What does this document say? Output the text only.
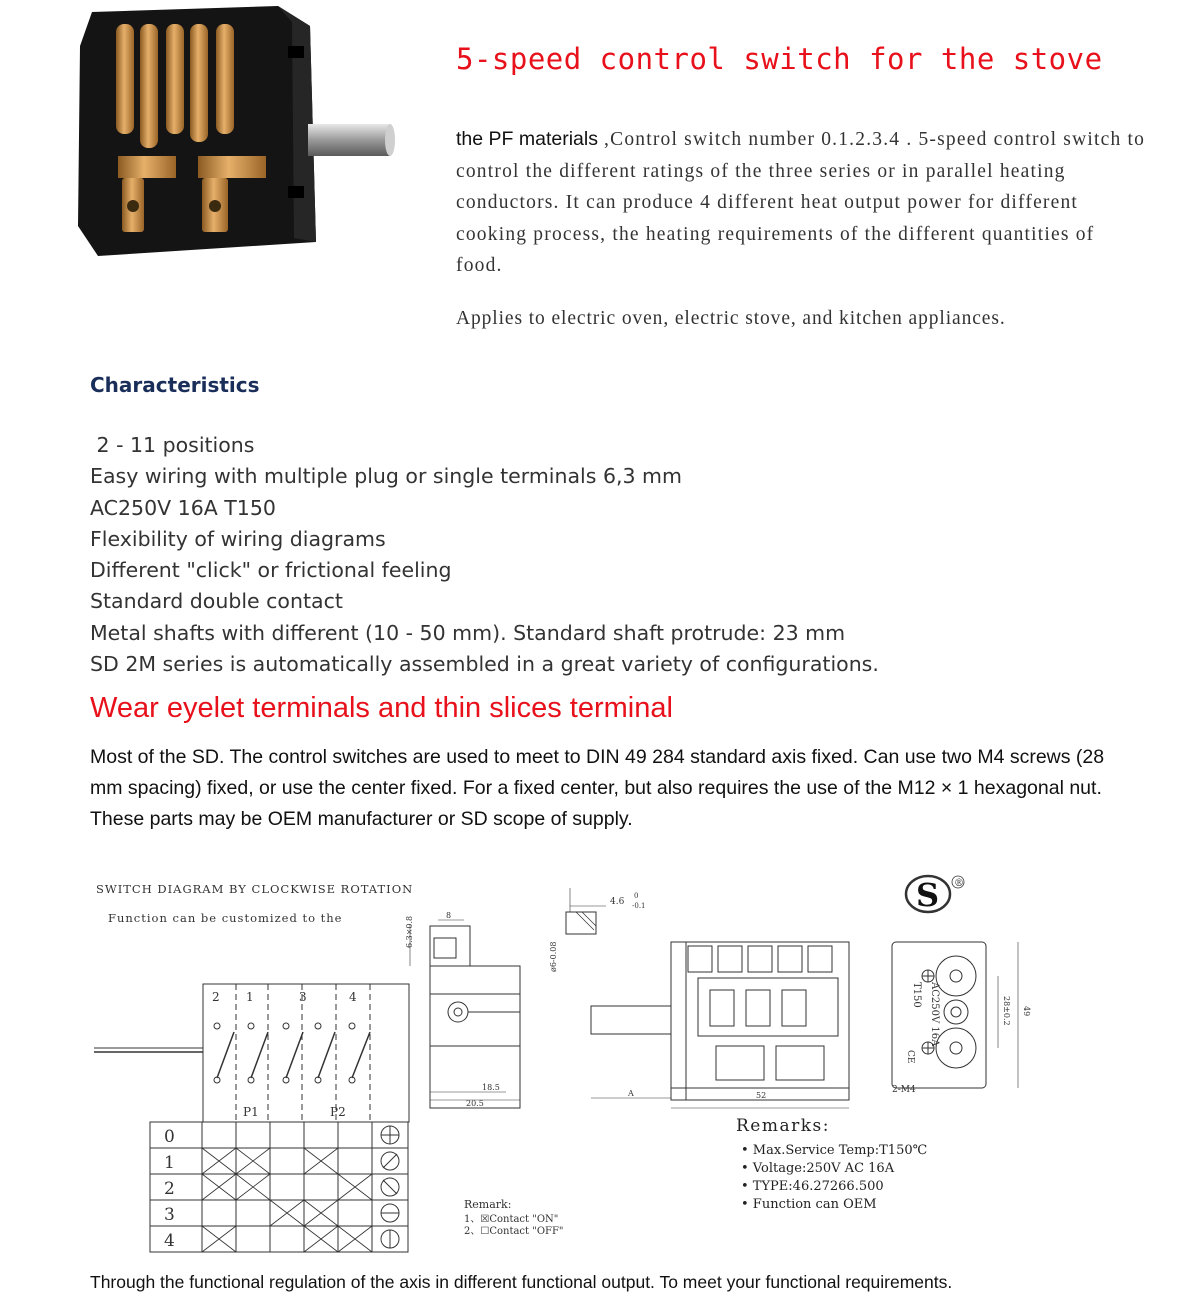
5-speed control switch for the stove
the PF materials ,Control switch number 0.1.2.3.4 . 5-speed control switch to control the different ratings of the three series or in parallel heating conductors. It can produce 4 different heat output power for different cooking process, the heating requirements of the different quantities of food.
Applies to electric oven, electric stove, and kitchen appliances.
Characteristics
2 - 11 positions
Easy wiring with multiple plug or single terminals 6,3 mm
AC250V 16A T150
Flexibility of wiring diagrams
Different "click" or frictional feeling
Standard double contact
Metal shafts with different (10 - 50 mm). Standard shaft protrude: 23 mm
SD 2M series is automatically assembled in a great variety of configurations.
Wear eyelet terminals and thin slices terminal
Most of the SD. The control switches are used to meet to DIN 49 284 standard axis fixed. Can use two M4 screws (28 mm spacing) fixed, or use the center fixed. For a fixed center, but also requires the use of the M12 × 1 hexagonal nut. These parts may be OEM manufacturer or SD scope of supply.
SWITCH DIAGRAM BY CLOCKWISE ROTATION
Function can be customized to the
2 1	3	4
P1	P2
0
1
2
3
4
6.3×0.8
8
18.5
20.5
4.6
0
-0.1
ø6-0.08
A	52
AC250V 16A
T150
CE
28±0.2 49
2-M4
S ®
Remark:
1、☒Contact "ON"
2、☐Contact "OFF"
Remarks:
• Max.Service Temp:T150℃
• Voltage:250V AC 16A
• TYPE:46.27266.500
• Function can OEM
Through the functional regulation of the axis in different functional output. To meet your functional requirements.
